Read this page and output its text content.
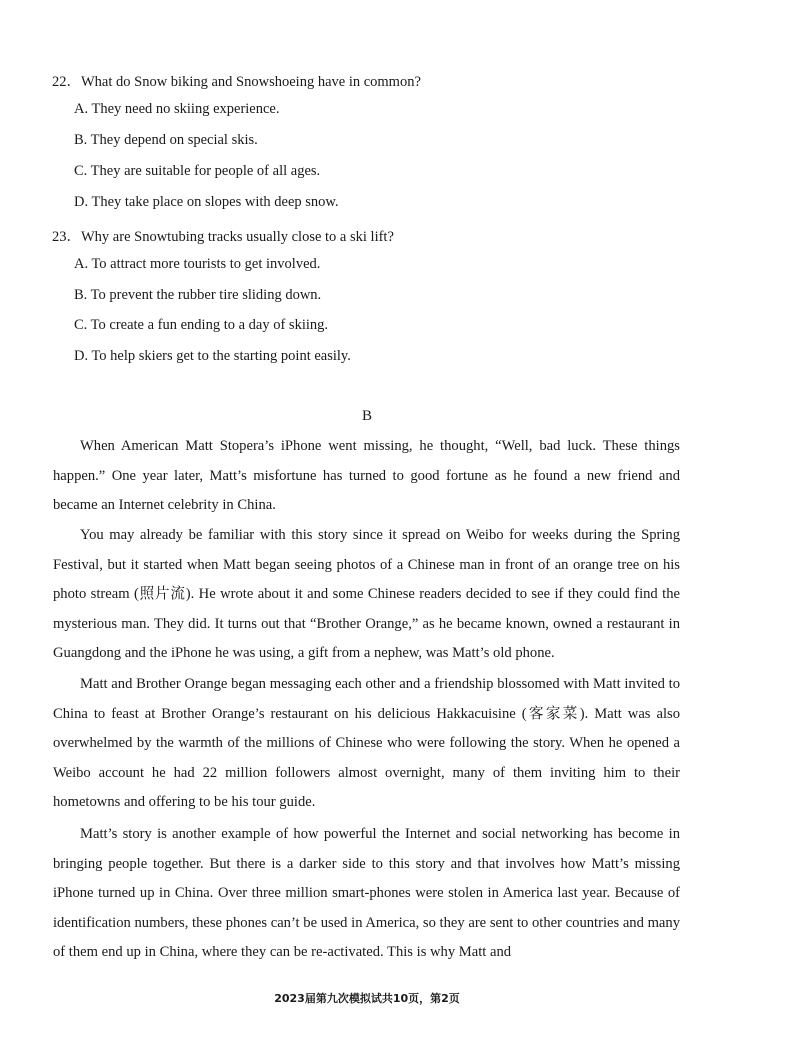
22．What do Snow biking and Snowshoeing have in common?
A. They need no skiing experience.
B. They depend on special skis.
C. They are suitable for people of all ages.
D. They take place on slopes with deep snow.
23．Why are Snowtubing tracks usually close to a ski lift?
A. To attract more tourists to get involved.
B. To prevent the rubber tire sliding down.
C. To create a fun ending to a day of skiing.
D. To help skiers get to the starting point easily.
B
When American Matt Stopera’s iPhone went missing, he thought, “Well, bad luck. These things happen.” One year later, Matt’s misfortune has turned to good fortune as he found a new friend and became an Internet celebrity in China.
You may already be familiar with this story since it spread on Weibo for weeks during the Spring Festival, but it started when Matt began seeing photos of a Chinese man in front of an orange tree on his photo stream (照片流). He wrote about it and some Chinese readers decided to see if they could find the mysterious man. They did. It turns out that “Brother Orange,” as he became known, owned a restaurant in Guangdong and the iPhone he was using, a gift from a nephew, was Matt’s old phone.
Matt and Brother Orange began messaging each other and a friendship blossomed with Matt invited to China to feast at Brother Orange’s restaurant on his delicious Hakkacuisine (客家菜). Matt was also overwhelmed by the warmth of the millions of Chinese who were following the story. When he opened a Weibo account he had 22 million followers almost overnight, many of them inviting him to their hometowns and offering to be his tour guide.
Matt’s story is another example of how powerful the Internet and social networking has become in bringing people together. But there is a darker side to this story and that involves how Matt’s missing iPhone turned up in China. Over three million smart-phones were stolen in America last year. Because of identification numbers, these phones can’t be used in America, so they are sent to other countries and many of them end up in China, where they can be re-activated. This is why Matt and
2023届第九次模拟试共10页，第2页
